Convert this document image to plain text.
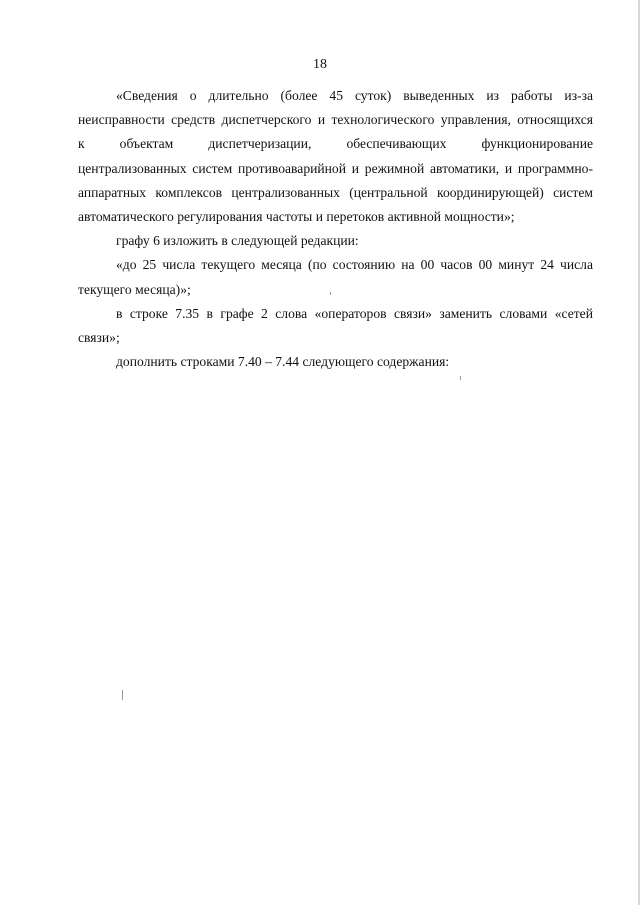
18
«Сведения о длительно (более 45 суток) выведенных из работы из-за
неисправности средств диспетчерского и технологического управления, относящихся
к объектам диспетчеризации, обеспечивающих функционирование
централизованных систем противоаварийной и режимной автоматики, и программно-
аппаратных комплексов централизованных (центральной координирующей) систем
автоматического регулирования частоты и перетоков активной мощности»;
графу 6 изложить в следующей редакции:
«до 25 числа текущего месяца (по состоянию на 00 часов 00 минут 24 числа
текущего месяца)»;
в строке 7.35 в графе 2 слова «операторов связи» заменить словами «сетей
связи»;
дополнить строками 7.40 – 7.44 следующего содержания:
